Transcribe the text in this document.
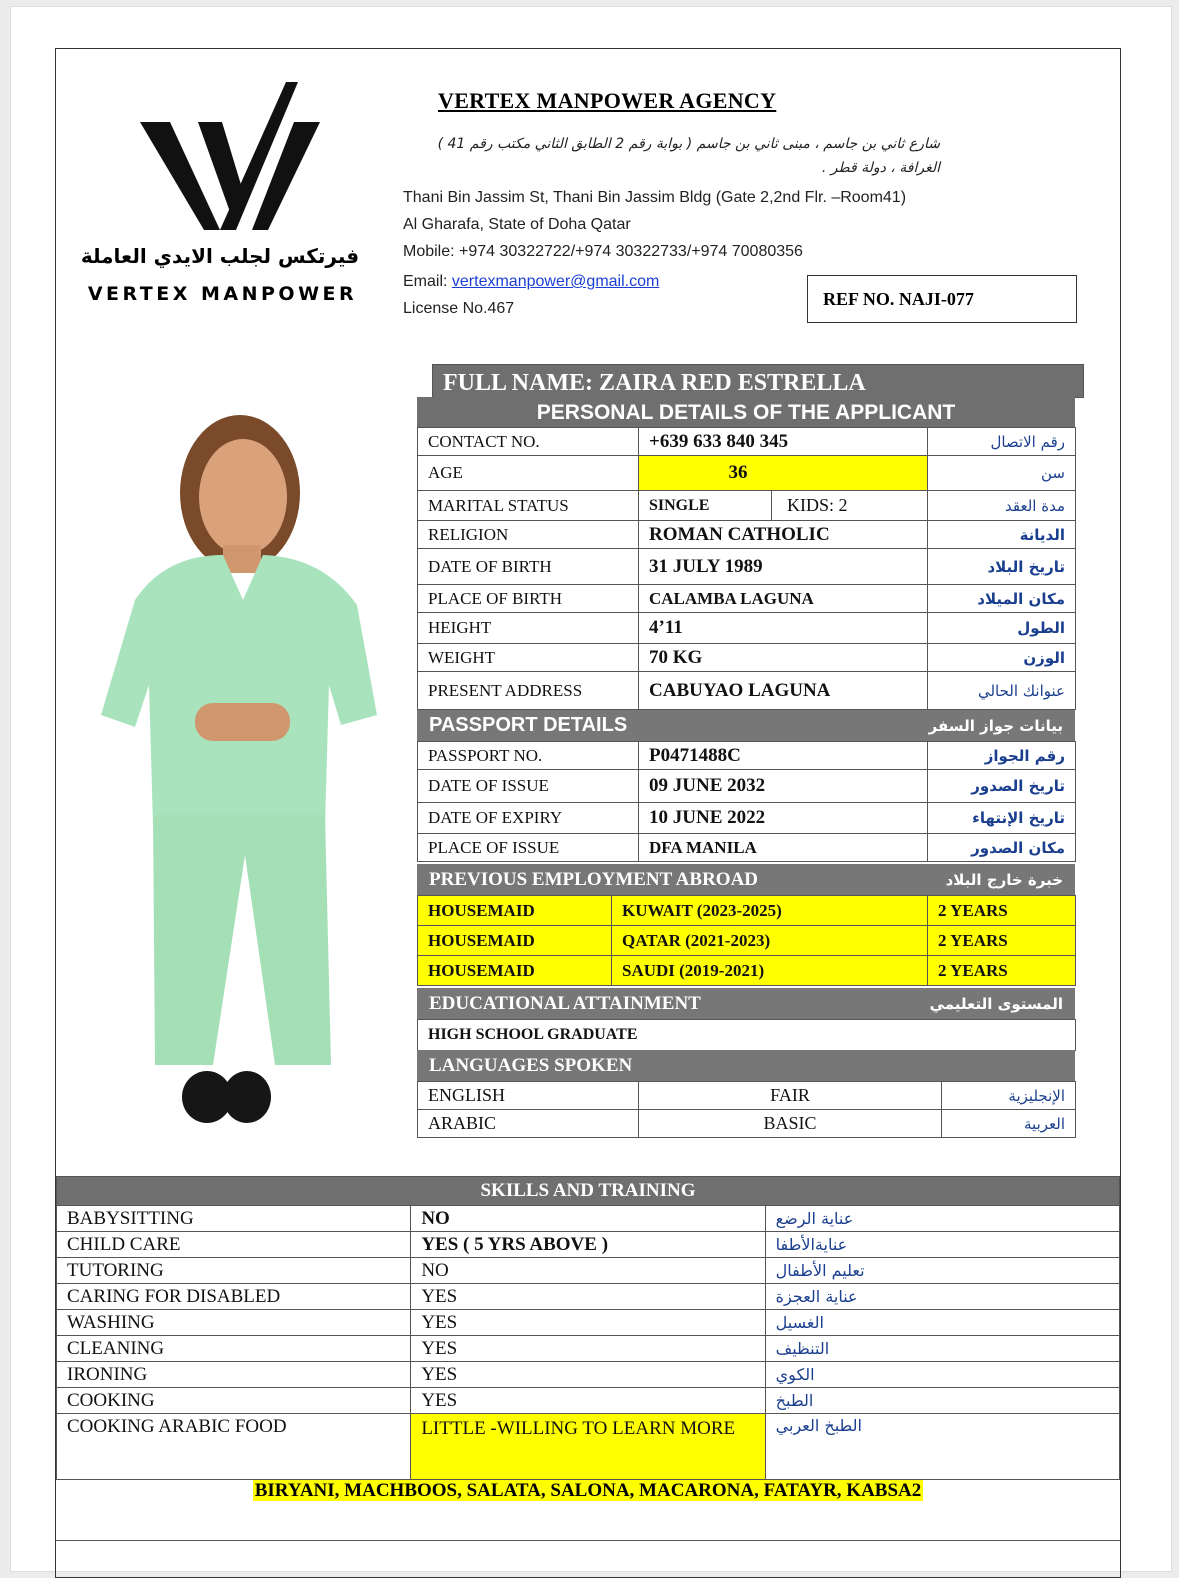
فيرتكس لجلب الايدي العاملة
VERTEX MANPOWER
VERTEX MANPOWER AGENCY
شارع ثاني بن جاسم ، مبنى ثاني بن جاسم ( بوابة رقم 2 الطابق الثاني مكتب رقم 41 ) الغرافة ، دولة قطر .
Thani Bin Jassim St, Thani Bin Jassim Bldg (Gate 2,2nd Flr. –Room41)
Al Gharafa, State of Doha Qatar
Mobile: +974 30322722/+974 30322733/+974 70080356
Email: vertexmanpower@gmail.com
License No.467	REF NO. NAJI-077
FULL NAME: ZAIRA RED ESTRELLA
PERSONAL DETAILS OF THE APPLICANT
CONTACT NO.	+639 633 840 345	رقم الاتصال
AGE	36	سن
MARITAL STATUS	SINGLE KIDS: 2	مدة العقد
RELIGION	ROMAN CATHOLIC	الديانة
DATE OF BIRTH	31 JULY 1989	تاريخ البلاد
PLACE OF BIRTH	CALAMBA LAGUNA	مكان الميلاد
HEIGHT	4’11	الطول
WEIGHT	70 KG	الوزن
PRESENT ADDRESS	CABUYAO LAGUNA	عنوانك الحالي
PASSPORT DETAILS	بيانات جواز السفر
PASSPORT NO.	P0471488C	رقم الجواز
DATE OF ISSUE	09 JUNE 2032	تاريخ الصدور
DATE OF EXPIRY	10 JUNE 2022	تاريخ الإنتهاء
PLACE OF ISSUE	DFA MANILA	مكان الصدور
PREVIOUS EMPLOYMENT ABROAD	خبرة خارج البلاد
HOUSEMAID	KUWAIT (2023-2025)	2 YEARS
HOUSEMAID	QATAR (2021-2023)	2 YEARS
HOUSEMAID	SAUDI (2019-2021)	2 YEARS
EDUCATIONAL ATTAINMENT	المستوى التعليمي
HIGH SCHOOL GRADUATE
LANGUAGES SPOKEN
ENGLISH	FAIR	الإنجليزية
ARABIC	BASIC	العربية
SKILLS AND TRAINING		
BABYSITTING	NO	عناية الرضع
CHILD CARE	YES ( 5 YRS ABOVE )	عنايةالأطفا
TUTORING	NO	تعليم الأطفال
CARING FOR DISABLED	YES	عناية العجزة
WASHING	YES	الغسيل
CLEANING	YES	التنظيف
IRONING	YES	الكوي
COOKING	YES	الطبخ
COOKING ARABIC FOOD	LITTLE -WILLING TO LEARN MORE	الطبخ العربي
BIRYANI, MACHBOOS, SALATA, SALONA, MACARONA, FATAYR, KABSA2
